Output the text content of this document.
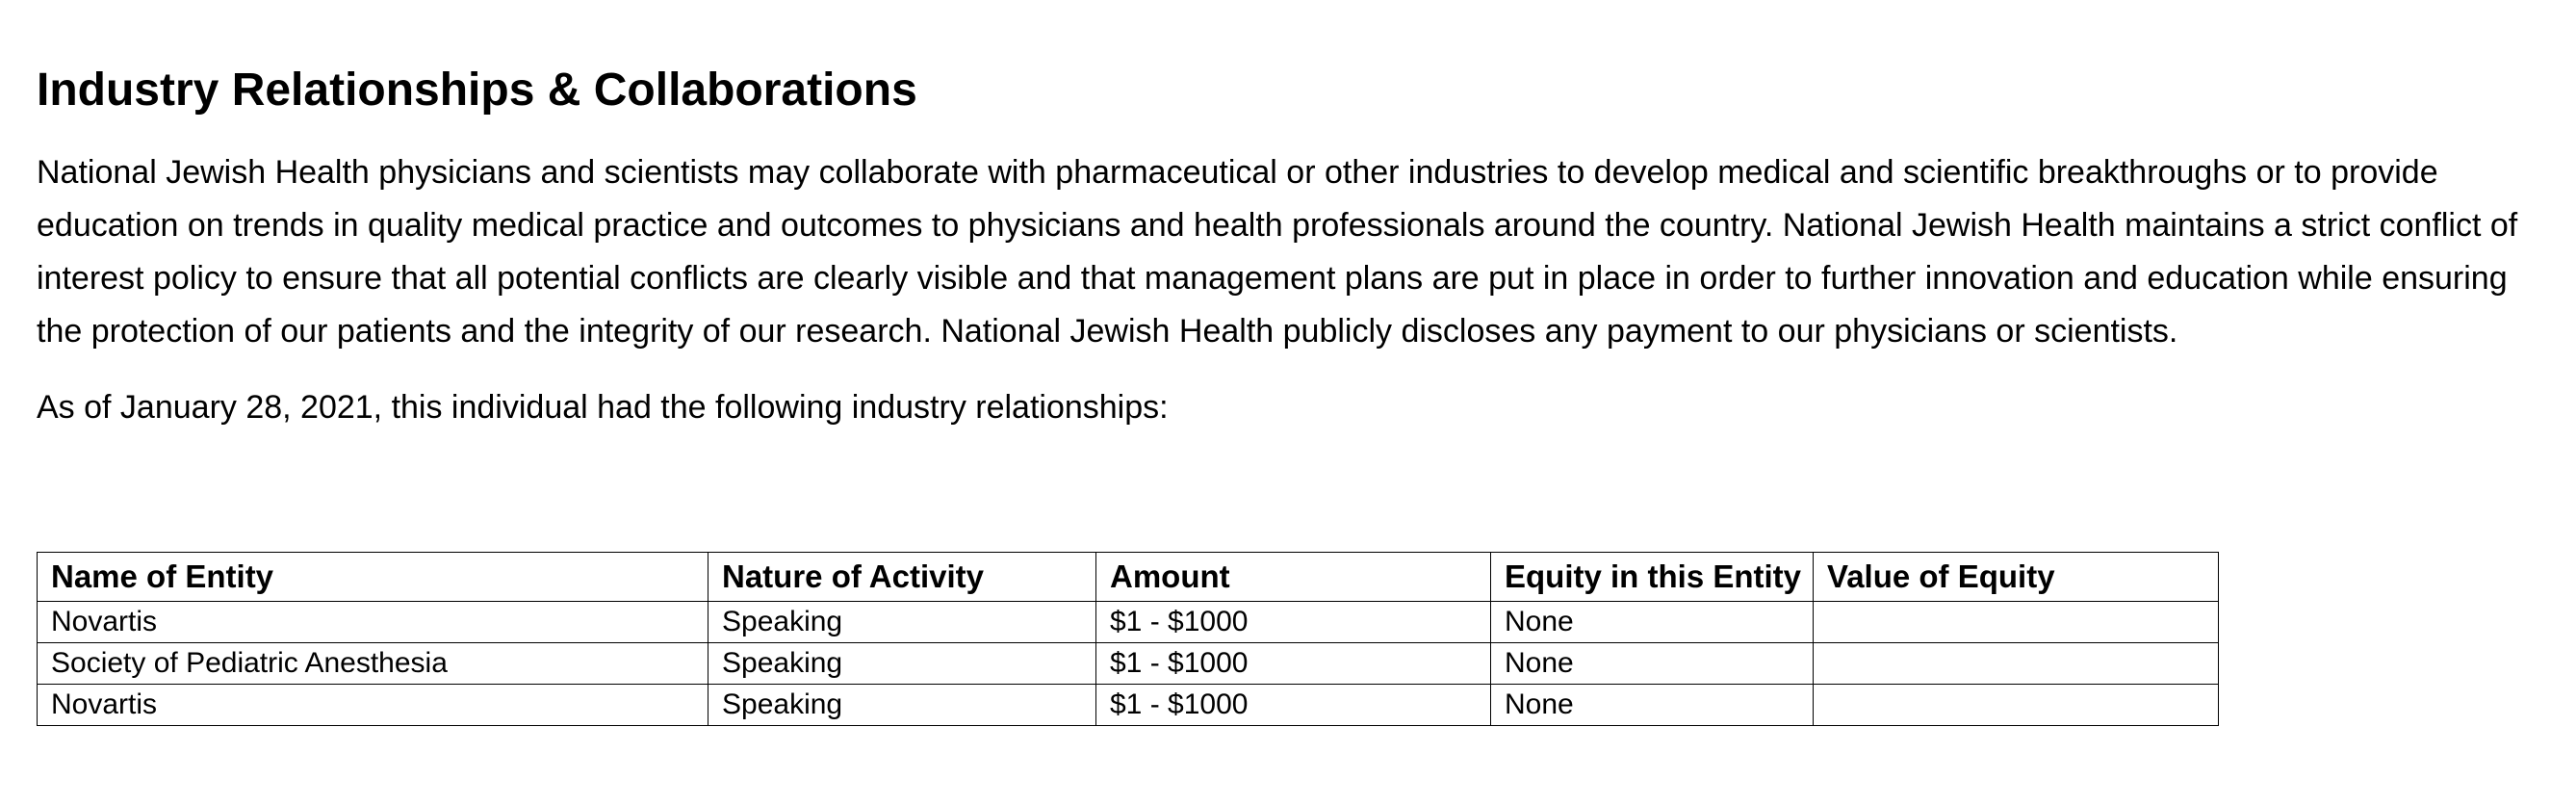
Industry Relationships & Collaborations

National Jewish Health physicians and scientists may collaborate with pharmaceutical or other industries to develop medical and scientific breakthroughs or to provide education on trends in quality medical practice and outcomes to physicians and health professionals around the country. National Jewish Health maintains a strict conflict of interest policy to ensure that all potential conflicts are clearly visible and that management plans are put in place in order to further innovation and education while ensuring the protection of our patients and the integrity of our research. National Jewish Health publicly discloses any payment to our physicians or scientists.

As of January 28, 2021, this individual had the following industry relationships:

Name of Entity	Nature of Activity	Amount	Equity in this Entity	Value of Equity
Novartis	Speaking	$1 - $1000	None	
Society of Pediatric Anesthesia	Speaking	$1 - $1000	None	
Novartis	Speaking	$1 - $1000	None	
